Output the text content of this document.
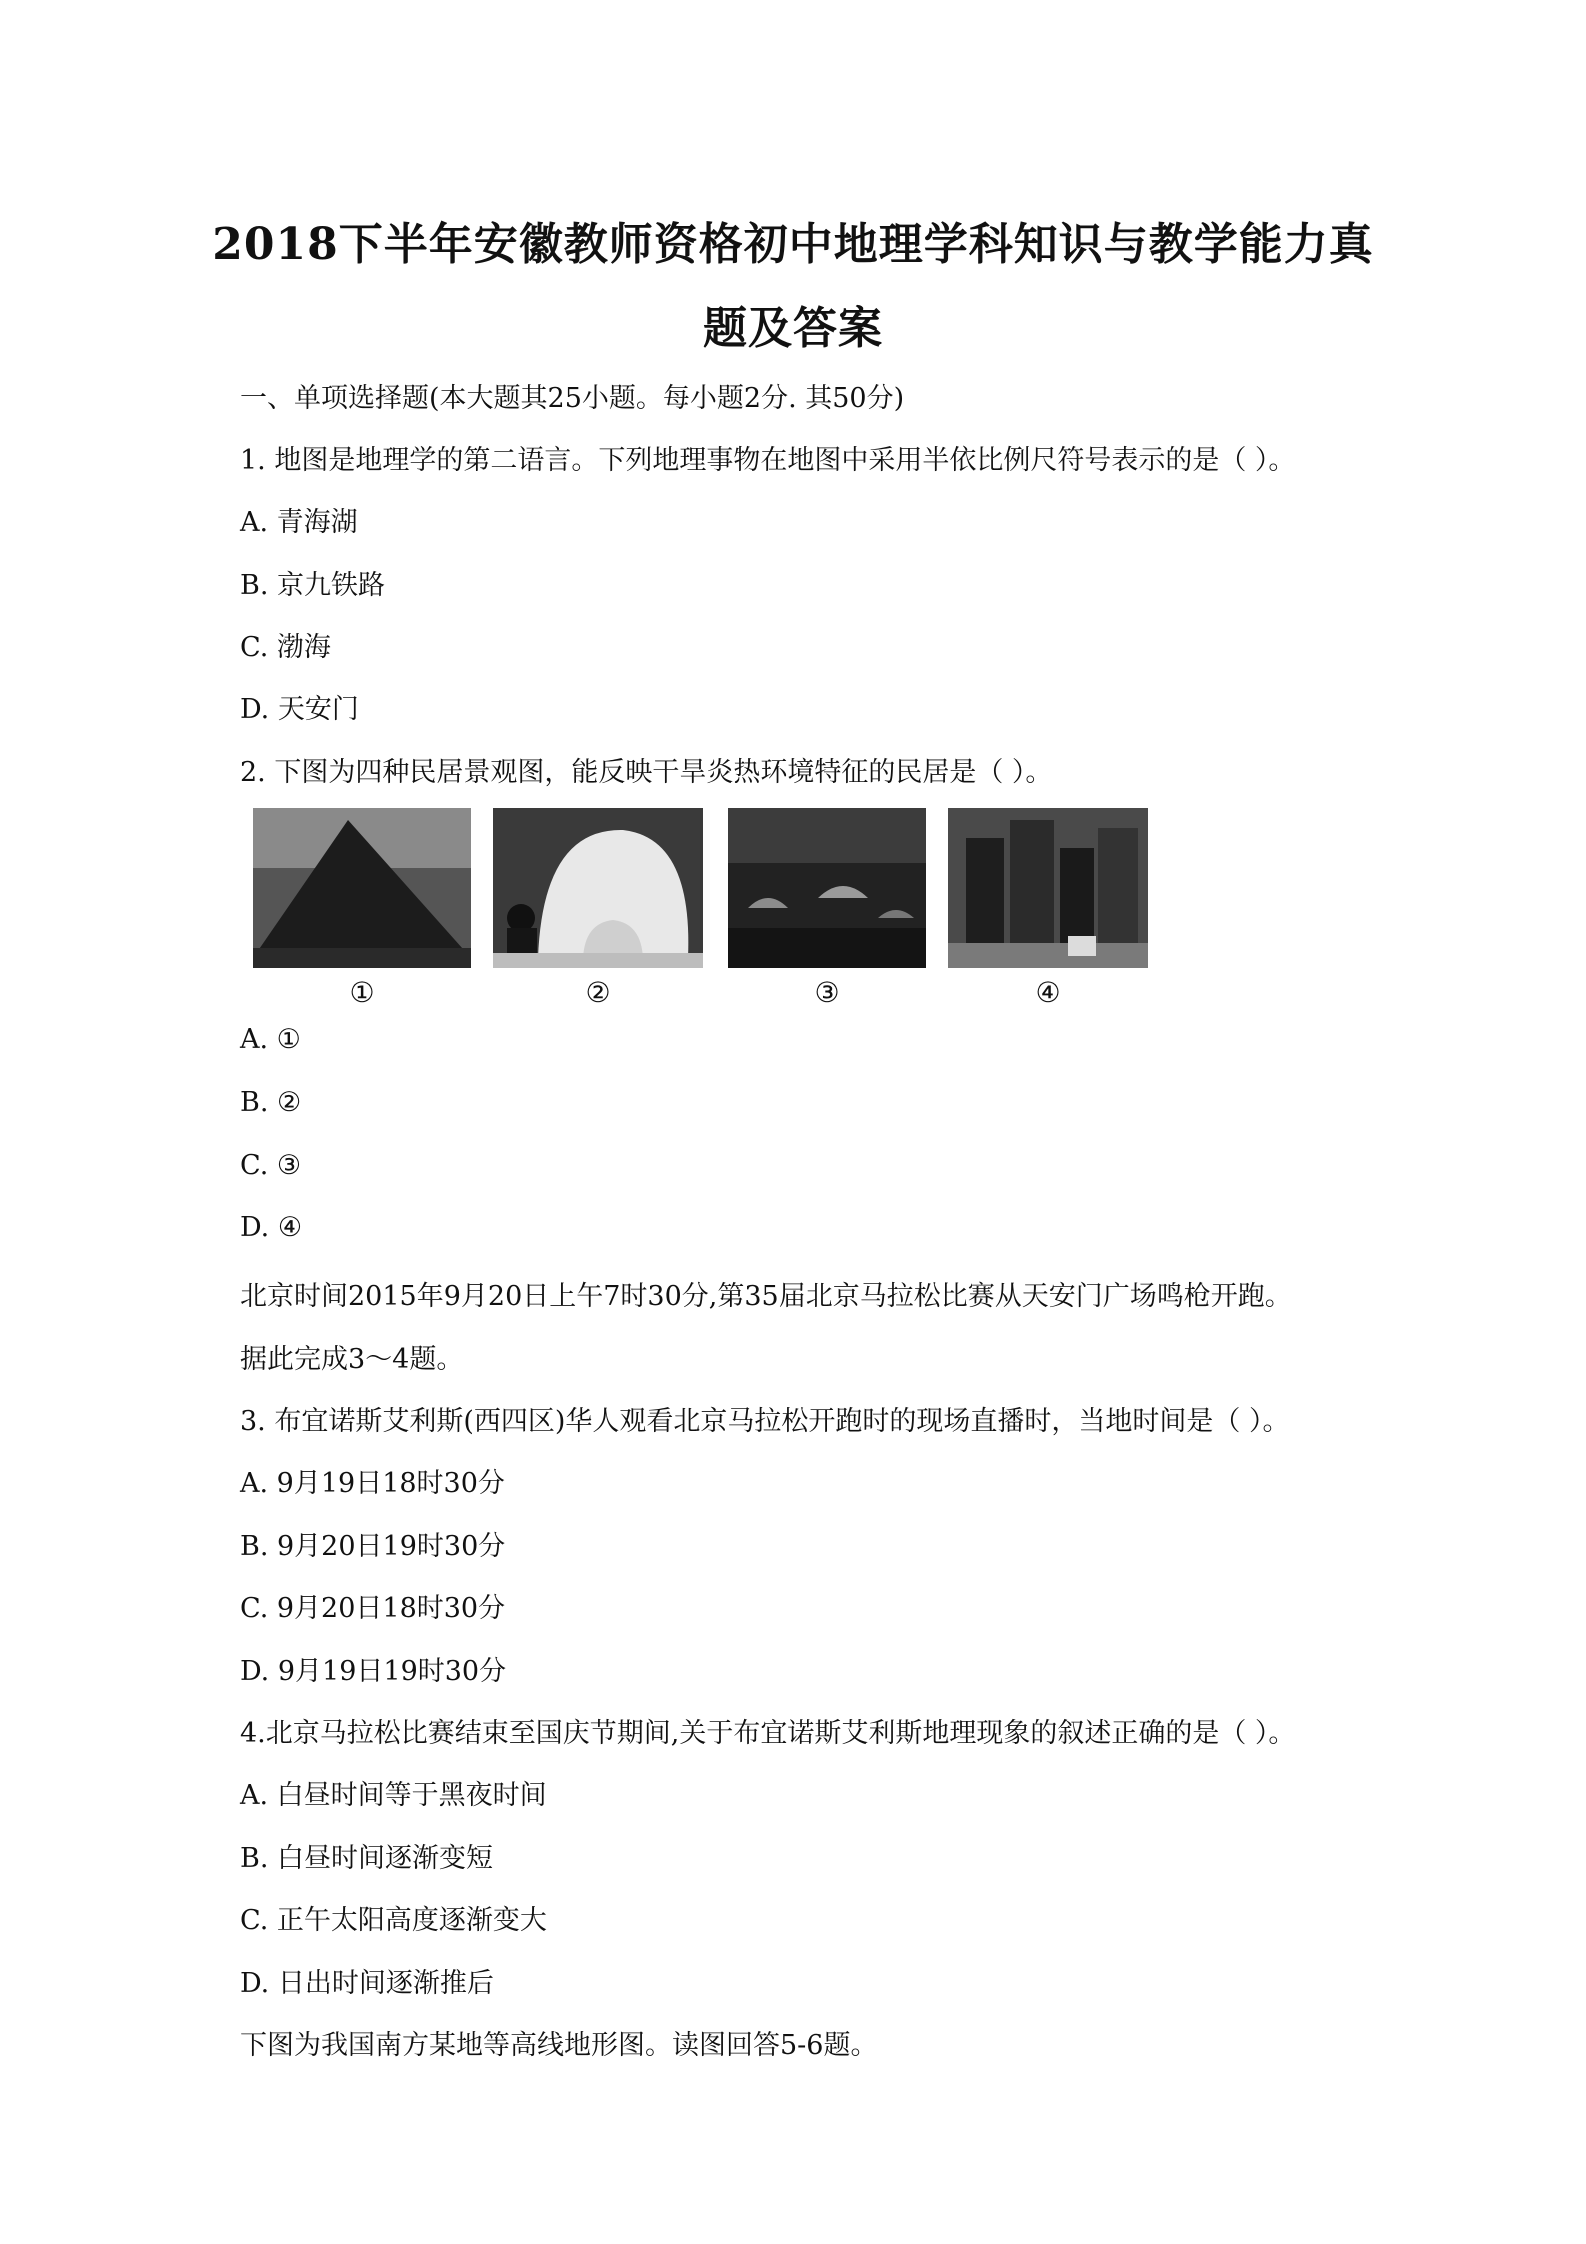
2018下半年安徽教师资格初中地理学科知识与教学能力真
题及答案
一、单项选择题(本大题其25小题。每小题2分. 其50分)
1. 地图是地理学的第二语言。下列地理事物在地图中采用半依比例尺符号表示的是（ ）。
A. 青海湖
B. 京九铁路
C. 渤海
D. 天安门
2. 下图为四种民居景观图，能反映干旱炎热环境特征的民居是（ ）。
①	②	③	④
A. ①
B. ②
C. ③
D. ④
北京时间2015年9月20日上午7时30分,第35届北京马拉松比赛从天安门广场鸣枪开跑。
据此完成3～4题。
3. 布宜诺斯艾利斯(西四区)华人观看北京马拉松开跑时的现场直播时，当地时间是（ ）。
A. 9月19日18时30分
B. 9月20日19时30分
C. 9月20日18时30分
D. 9月19日19时30分
4.北京马拉松比赛结束至国庆节期间,关于布宜诺斯艾利斯地理现象的叙述正确的是（ ）。
A. 白昼时间等于黑夜时间
B. 白昼时间逐渐变短
C. 正午太阳高度逐渐变大
D. 日出时间逐渐推后
下图为我国南方某地等高线地形图。读图回答5-6题。
